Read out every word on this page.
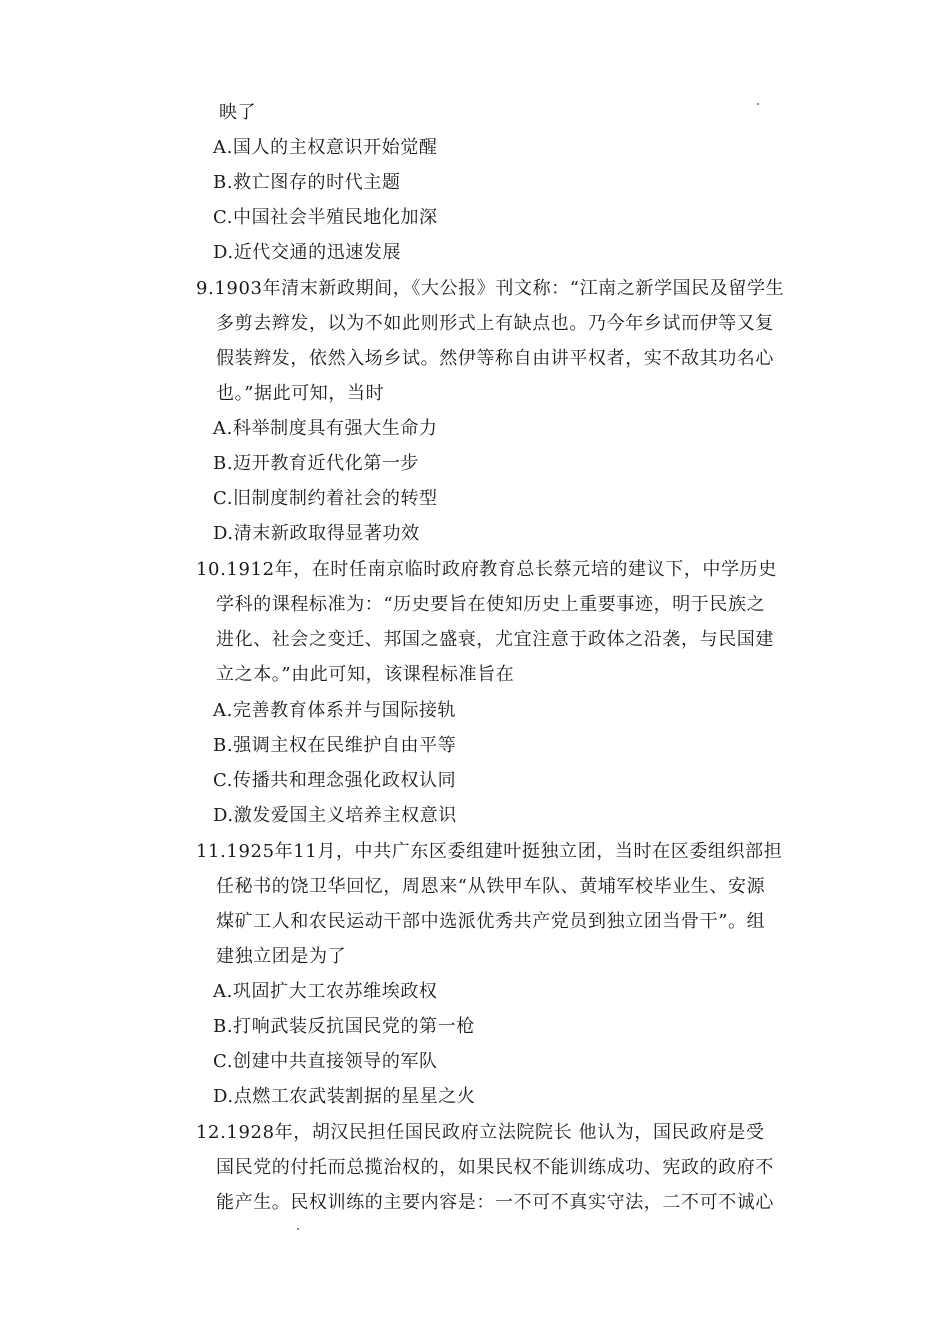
映了
A.国人的主权意识开始觉醒
B.救亡图存的时代主题
C.中国社会半殖民地化加深
D.近代交通的迅速发展
9.1903年清末新政期间，《大公报》刊文称：“江南之新学国民及留学生
多剪去辫发，以为不如此则形式上有缺点也。乃今年乡试而伊等又复
假装辫发，依然入场乡试。然伊等称自由讲平权者，实不敌其功名心
也。”据此可知，当时
A.科举制度具有强大生命力
B.迈开教育近代化第一步
C.旧制度制约着社会的转型
D.清末新政取得显著功效
10.1912年，在时任南京临时政府教育总长蔡元培的建议下，中学历史
学科的课程标准为：“历史要旨在使知历史上重要事迹，明于民族之
进化、社会之变迁、邦国之盛衰，尤宜注意于政体之沿袭，与民国建
立之本。”由此可知，该课程标准旨在
A.完善教育体系并与国际接轨
B.强调主权在民维护自由平等
C.传播共和理念强化政权认同
D.激发爱国主义培养主权意识
11.1925年11月，中共广东区委组建叶挺独立团，当时在区委组织部担
任秘书的饶卫华回忆，周恩来“从铁甲车队、黄埔军校毕业生、安源
煤矿工人和农民运动干部中选派优秀共产党员到独立团当骨干”。组
建独立团是为了
A.巩固扩大工农苏维埃政权
B.打响武装反抗国民党的第一枪
C.创建中共直接领导的军队
D.点燃工农武装割据的星星之火
12.1928年，胡汉民担任国民政府立法院院长 他认为，国民政府是受
国民党的付托而总揽治权的，如果民权不能训练成功、宪政的政府不
能产生。民权训练的主要内容是：一不可不真实守法，二不可不诚心
